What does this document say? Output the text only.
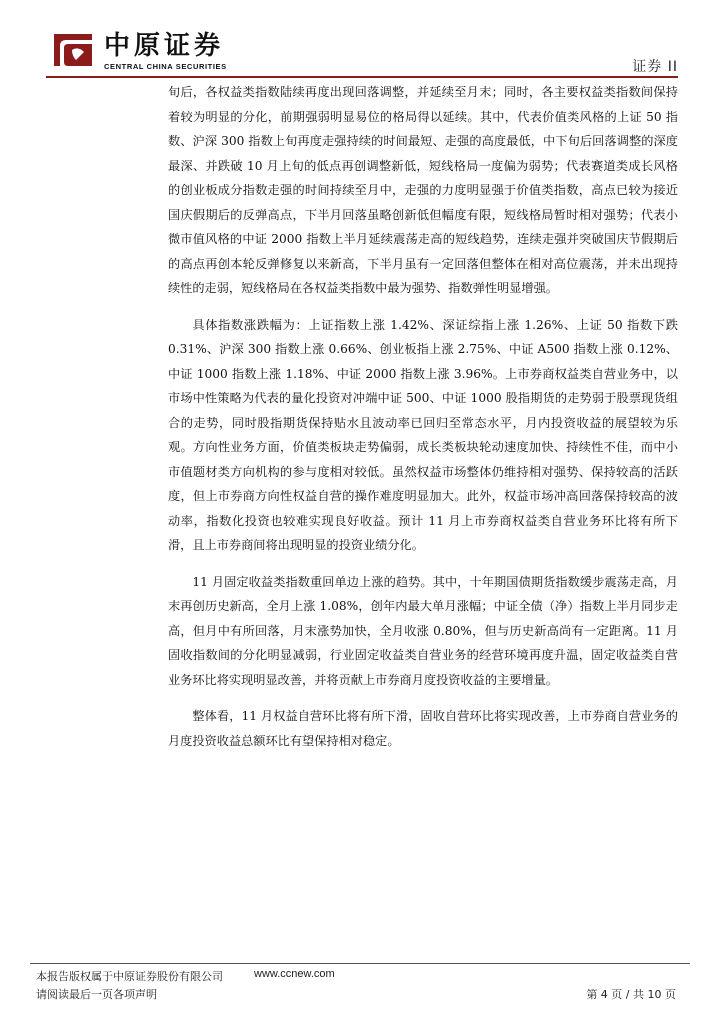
中原证券
CENTRAL CHINA SECURITIES	证券 II

旬后，各权益类指数陆续再度出现回落调整，并延续至月末；同时，各主要权益类指数间保持着较为明显的分化，前期强弱明显易位的格局得以延续。其中，代表价值类风格的上证 50 指数、沪深 300 指数上旬再度走强持续的时间最短、走强的高度最低，中下旬后回落调整的深度最深、并跌破 10 月上旬的低点再创调整新低，短线格局一度偏为弱势；代表赛道类成长风格的创业板成分指数走强的时间持续至月中，走强的力度明显强于价值类指数，高点已较为接近国庆假期后的反弹高点，下半月回落虽略创新低但幅度有限，短线格局暂时相对强势；代表小微市值风格的中证 2000 指数上半月延续震荡走高的短线趋势，连续走强并突破国庆节假期后的高点再创本轮反弹修复以来新高，下半月虽有一定回落但整体在相对高位震荡，并未出现持续性的走弱，短线格局在各权益类指数中最为强势、指数弹性明显增强。

具体指数涨跌幅为：上证指数上涨 1.42%、深证综指上涨 1.26%、上证 50 指数下跌 0.31%、沪深 300 指数上涨 0.66%、创业板指上涨 2.75%、中证 A500 指数上涨 0.12%、中证 1000 指数上涨 1.18%、中证 2000 指数上涨 3.96%。上市券商权益类自营业务中，以市场中性策略为代表的量化投资对冲端中证 500、中证 1000 股指期货的走势弱于股票现货组合的走势，同时股指期货保持贴水且波动率已回归至常态水平，月内投资收益的展望较为乐观。方向性业务方面，价值类板块走势偏弱，成长类板块轮动速度加快、持续性不佳，而中小市值题材类方向机构的参与度相对较低。虽然权益市场整体仍维持相对强势、保持较高的活跃度，但上市券商方向性权益自营的操作难度明显加大。此外，权益市场冲高回落保持较高的波动率，指数化投资也较难实现良好收益。预计 11 月上市券商权益类自营业务环比将有所下滑，且上市券商间将出现明显的投资业绩分化。

11 月固定收益类指数重回单边上涨的趋势。其中，十年期国债期货指数缓步震荡走高，月末再创历史新高，全月上涨 1.08%，创年内最大单月涨幅；中证全债（净）指数上半月同步走高，但月中有所回落，月末涨势加快，全月收涨 0.80%，但与历史新高尚有一定距离。11 月固收指数间的分化明显减弱，行业固定收益类自营业务的经营环境再度升温，固定收益类自营业务环比将实现明显改善，并将贡献上市券商月度投资收益的主要增量。

整体看，11 月权益自营环比将有所下滑，固收自营环比将实现改善，上市券商自营业务的月度投资收益总额环比有望保持相对稳定。

本报告版权属于中原证券股份有限公司	www.ccnew.com
请阅读最后一页各项声明	第 4 页 / 共 10 页
